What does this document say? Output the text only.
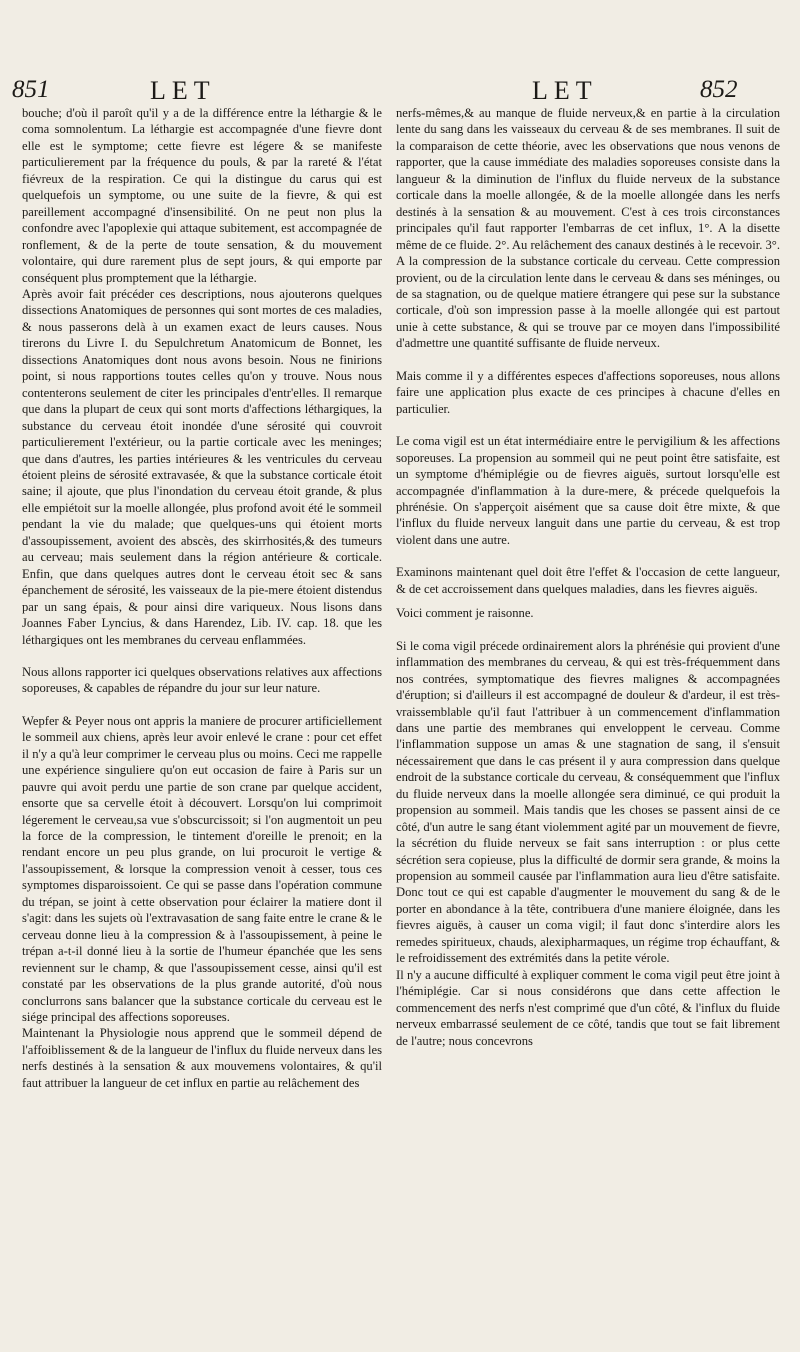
851	LET	LET	852

bouche; d'où il paroît qu'il y a de la différence entre la léthargie & le coma somnolentum. La léthargie est accompagnée d'une fievre dont elle est le symptome; cette fievre est légere & se manifeste particulierement par la fréquence du pouls, & par la rareté & l'état fiévreux de la respiration. Ce qui la distingue du carus qui est quelquefois un symptome, ou une suite de la fievre, & qui est pareillement accompagné d'insensibilité. On ne peut non plus la confondre avec l'apoplexie qui attaque subitement, est accompagnée de ronflement, & de la perte de toute sensation, & du mouvement volontaire, qui dure rarement plus de sept jours, & qui emporte par conséquent plus promptement que la léthargie.

Après avoir fait précéder ces descriptions, nous ajouterons quelques dissections Anatomiques de personnes qui sont mortes de ces maladies, & nous passerons delà à un examen exact de leurs causes. Nous tirerons du Livre I. du Sepulchretum Anatomicum de Bonnet, les dissections Anatomiques dont nous avons besoin. Nous ne finirions point, si nous rapportions toutes celles qu'on y trouve. Nous nous contenterons seulement de citer les principales d'entr'elles. Il remarque que dans la plupart de ceux qui sont morts d'affections léthargiques, la substance du cerveau étoit inondée d'une sérosité qui couvroit particulierement l'extérieur, ou la partie corticale avec les meninges; que dans d'autres, les parties intérieures & les ventricules du cerveau étoient pleins de sérosité extravasée, & que la substance corticale étoit saine; il ajoute, que plus l'inondation du cerveau étoit grande, & plus elle empiétoit sur la moelle allongée, plus profond avoit été le sommeil pendant la vie du malade; que quelques-uns qui étoient morts d'assoupissement, avoient des abscès, des skirrhosités,& des tumeurs au cerveau; mais seulement dans la région antérieure & corticale. Enfin, que dans quelques autres dont le cerveau étoit sec & sans épanchement de sérosité, les vaisseaux de la pie-mere étoient distendus par un sang épais, & pour ainsi dire variqueux. Nous lisons dans Joannes Faber Lyncius, & dans Harendez, Lib. IV. cap. 18. que les léthargiques ont les membranes du cerveau enflammées.

Nous allons rapporter ici quelques observations relatives aux affections soporeuses, & capables de répandre du jour sur leur nature.

Wepfer & Peyer nous ont appris la maniere de procurer artificiellement le sommeil aux chiens, après leur avoir enlevé le crane : pour cet effet il n'y a qu'à leur comprimer le cerveau plus ou moins. Ceci me rappelle une expérience singuliere qu'on eut occasion de faire à Paris sur un pauvre qui avoit perdu une partie de son crane par quelque accident, ensorte que sa cervelle étoit à découvert. Lorsqu'on lui comprimoit légerement le cerveau,sa vue s'obscurcissoit; si l'on augmentoit un peu la force de la compression, le tintement d'oreille le prenoit; en la rendant encore un peu plus grande, on lui procuroit le vertige & l'assoupissement, & lorsque la compression venoit à cesser, tous ces symptomes disparoissoient. Ce qui se passe dans l'opération commune du trépan, se joint à cette observation pour éclairer la matiere dont il s'agit: dans les sujets où l'extravasation de sang faite entre le crane & le cerveau donne lieu à la compression & à l'assoupissement, à peine le trépan a-t-il donné lieu à la sortie de l'humeur épanchée que les sens reviennent sur le champ, & que l'assoupissement cesse, ainsi qu'il est constaté par les observations de la plus grande autorité, d'où nous conclurrons sans balancer que la substance corticale du cerveau est le siége principal des affections soporeuses.

Maintenant la Physiologie nous apprend que le sommeil dépend de l'affoiblissement & de la langueur de l'influx du fluide nerveux dans les nerfs destinés à la sensation & aux mouvemens volontaires, & qu'il faut attribuer la langueur de cet influx en partie au relâchement des

nerfs-mêmes,& au manque de fluide nerveux,& en partie à la circulation lente du sang dans les vaisseaux du cerveau & de ses membranes. Il suit de la comparaison de cette théorie, avec les observations que nous venons de rapporter, que la cause immédiate des maladies soporeuses consiste dans la langueur & la diminution de l'influx du fluide nerveux de la substance corticale dans la moelle allongée, & de la moelle allongée dans les nerfs destinés à la sensation & au mouvement. C'est à ces trois circonstances principales qu'il faut rapporter l'embarras de cet influx, 1°. A la disette même de ce fluide. 2°. Au relâchement des canaux destinés à le recevoir. 3°. A la compression de la substance corticale du cerveau. Cette compression provient, ou de la circulation lente dans le cerveau & dans ses méninges, ou de sa stagnation, ou de quelque matiere étrangere qui pese sur la substance corticale, d'où son impression passe à la moelle allongée qui est partout unie à cette substance, & qui se trouve par ce moyen dans l'impossibilité d'admettre une quantité suffisante de fluide nerveux.

Mais comme il y a différentes especes d'affections soporeuses, nous allons faire une application plus exacte de ces principes à chacune d'elles en particulier.

Le coma vigil est un état intermédiaire entre le pervigilium & les affections soporeuses. La propension au sommeil qui ne peut point être satisfaite, est un symptome d'hémiplégie ou de fievres aiguës, surtout lorsqu'elle est accompagnée d'inflammation à la dure-mere, & précede quelquefois la phrénésie. On s'apperçoit aisément que sa cause doit être mixte, & que l'influx du fluide nerveux languit dans une partie du cerveau, & est trop violent dans une autre.

Examinons maintenant quel doit être l'effet & l'occasion de cette langueur, & de cet accroissement dans quelques maladies, dans les fievres aiguës.

Voici comment je raisonne.

Si le coma vigil précede ordinairement alors la phrénésie qui provient d'une inflammation des membranes du cerveau, & qui est très-fréquemment dans nos contrées, symptomatique des fievres malignes & accompagnées d'éruption; si d'ailleurs il est accompagné de douleur & d'ardeur, il est très-vraissemblable qu'il faut l'attribuer à un commencement d'inflammation dans une partie des membranes qui enveloppent le cerveau. Comme l'inflammation suppose un amas & une stagnation de sang, il s'ensuit nécessairement que dans le cas présent il y aura compression dans quelque endroit de la substance corticale du cerveau, & conséquemment que l'influx du fluide nerveux dans la moelle allongée sera diminué, ce qui produit la propension au sommeil. Mais tandis que les choses se passent ainsi de ce côté, d'un autre le sang étant violemment agité par un mouvement de fievre, la sécrétion du fluide nerveux se fait sans interruption : or plus cette sécrétion sera copieuse, plus la difficulté de dormir sera grande, & moins la propension au sommeil causée par l'inflammation aura lieu d'être satisfaite. Donc tout ce qui est capable d'augmenter le mouvement du sang & de le porter en abondance à la tête, contribuera d'une maniere éloignée, dans les fievres aiguës, à causer un coma vigil; il faut donc s'interdire alors les remedes spiritueux, chauds, alexipharmaques, un régime trop échauffant, & le refroidissement des extrémités dans la petite vérole.

Il n'y a aucune difficulté à expliquer comment le coma vigil peut être joint à l'hémiplégie. Car si nous considérons que dans cette affection le commencement des nerfs n'est comprimé que d'un côté, & l'influx du fluide nerveux embarrassé seulement de ce côté, tandis que tout se fait librement de l'autre; nous concevrons
